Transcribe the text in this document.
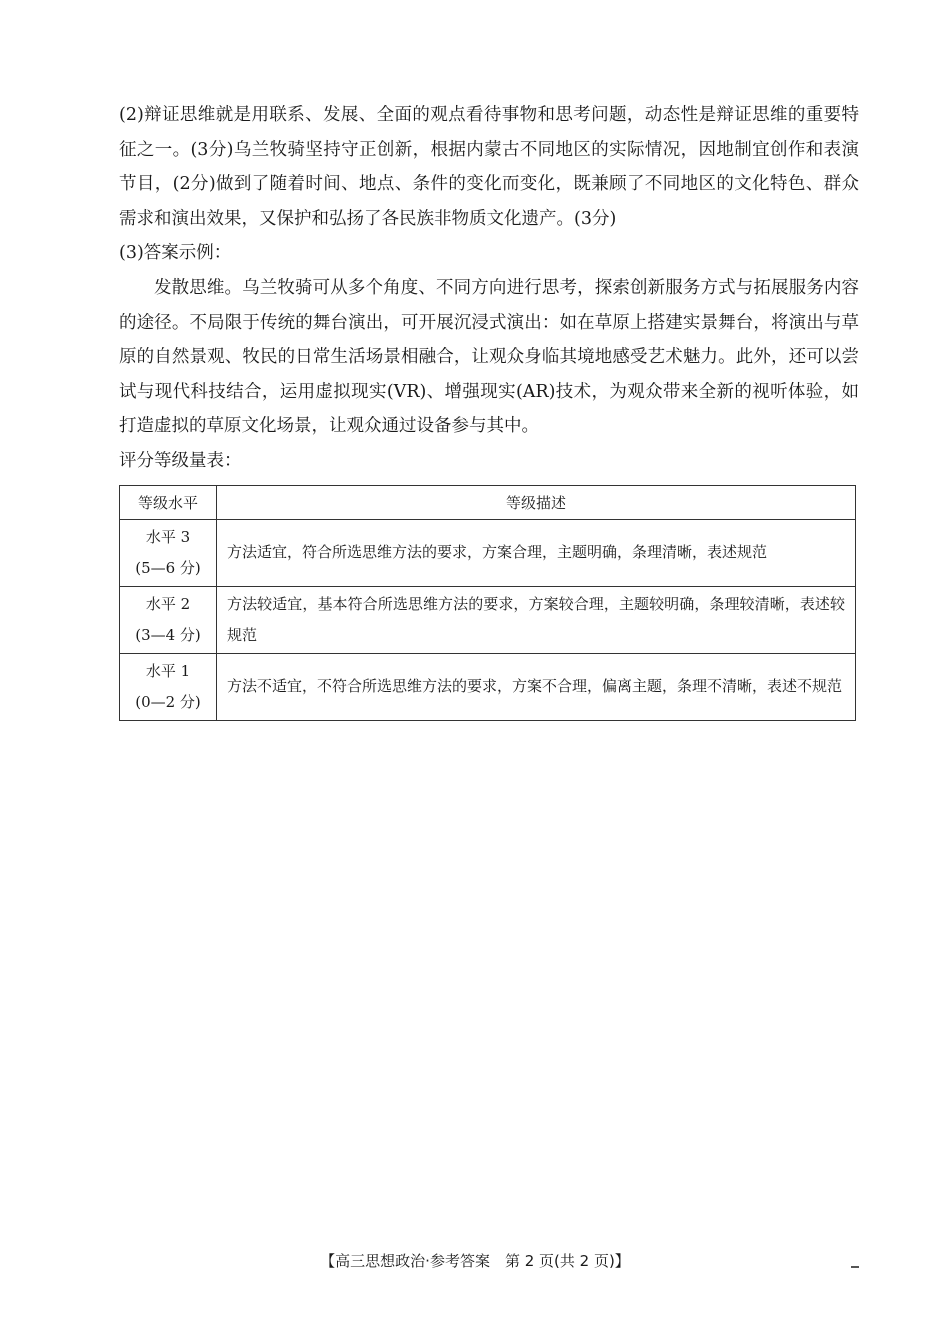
(2)辩证思维就是用联系、发展、全面的观点看待事物和思考问题，动态性是辩证思维的重要特征之一。(3分)乌兰牧骑坚持守正创新，根据内蒙古不同地区的实际情况，因地制宜创作和表演节目，(2分)做到了随着时间、地点、条件的变化而变化，既兼顾了不同地区的文化特色、群众需求和演出效果，又保护和弘扬了各民族非物质文化遗产。(3分)

(3)答案示例：

发散思维。乌兰牧骑可从多个角度、不同方向进行思考，探索创新服务方式与拓展服务内容的途径。不局限于传统的舞台演出，可开展沉浸式演出：如在草原上搭建实景舞台，将演出与草原的自然景观、牧民的日常生活场景相融合，让观众身临其境地感受艺术魅力。此外，还可以尝试与现代科技结合，运用虚拟现实(VR)、增强现实(AR)技术，为观众带来全新的视听体验，如打造虚拟的草原文化场景，让观众通过设备参与其中。

评分等级量表：

等级水平	等级描述

水平 3
(5—6 分)	方法适宜，符合所选思维方法的要求，方案合理，主题明确，条理清晰，表述规范

水平 2
(3—4 分)	方法较适宜，基本符合所选思维方法的要求，方案较合理，主题较明确，条理较清晰，表述较规范

水平 1
(0—2 分)	方法不适宜，不符合所选思维方法的要求，方案不合理，偏离主题，条理不清晰，表述不规范
【高三思想政治·参考答案　第 2 页(共 2 页)】
